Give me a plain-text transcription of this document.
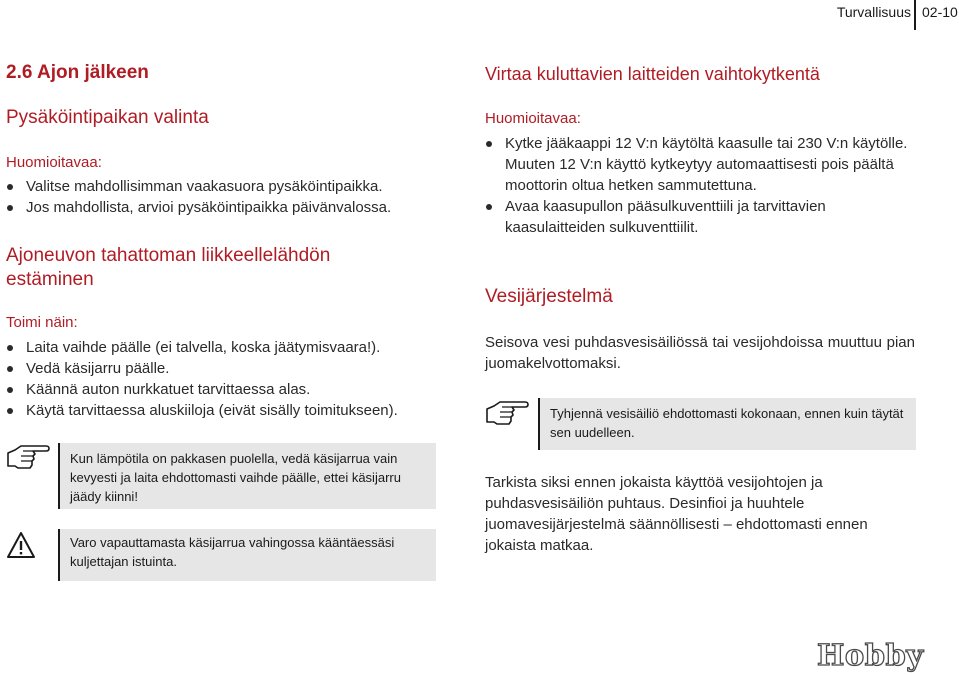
Turvallisuus 02-10
2.6 Ajon jälkeen
Pysäköintipaikan valinta
Huomioitavaa:
Valitse mahdollisimman vaakasuora pysäköintipaikka.
Jos mahdollista, arvioi pysäköintipaikka päivänvalossa.
Ajoneuvon tahattoman liikkeellelähdön
estäminen
Toimi näin:
Laita vaihde päälle (ei talvella, koska jäätymisvaara!).
Vedä käsijarru päälle.
Käännä auton nurkkatuet tarvittaessa alas.
Käytä tarvittaessa aluskiiloja (eivät sisälly toimitukseen).
Kun lämpötila on pakkasen puolella, vedä käsijarrua vain kevyesti ja laita ehdottomasti vaihde päälle, ettei käsijarru jäädy kiinni!
Varo vapauttamasta käsijarrua vahingossa kääntäessäsi kuljettajan istuinta.
Virtaa kuluttavien laitteiden vaihtokytkentä
Huomioitavaa:
Kytke jääkaappi 12 V:n käytöltä kaasulle tai 230 V:n käytölle. Muuten 12 V:n käyttö kytkeytyy automaattisesti pois päältä moottorin oltua hetken sammutettuna.
Avaa kaasupullon pääsulkuventtiili ja tarvittavien kaasulaitteiden sulkuventtiilit.
Vesijärjestelmä
Seisova vesi puhdasvesisäiliössä tai vesijohdoissa muuttuu pian juomakelvottomaksi.
Tyhjennä vesisäiliö ehdottomasti kokonaan, ennen kuin täytät sen uudelleen.
Tarkista siksi ennen jokaista käyttöä vesijohtojen ja puhdasvesisäiliön puhtaus. Desinfioi ja huuhtele juomavesijärjestelmä säännöllisesti – ehdottomasti ennen jokaista matkaa.
Hobby
